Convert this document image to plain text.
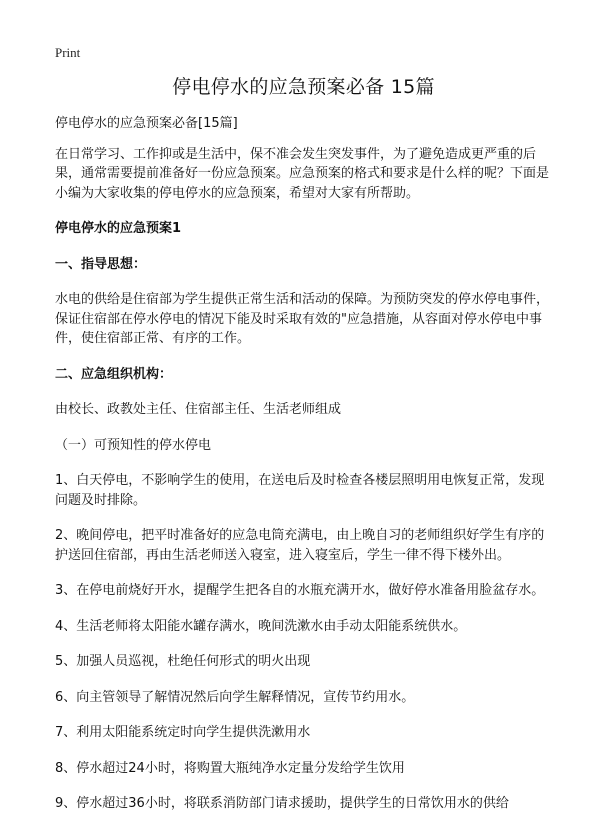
Print
停电停水的应急预案必备 15篇

停电停水的应急预案必备[15篇]

在日常学习、工作抑或是生活中，保不准会发生突发事件，为了避免造成更严重的后果，通常需要提前准备好一份应急预案。应急预案的格式和要求是什么样的呢？下面是小编为大家收集的停电停水的应急预案，希望对大家有所帮助。

停电停水的应急预案1

一、指导思想：

水电的供给是住宿部为学生提供正常生活和活动的保障。为预防突发的停水停电事件，保证住宿部在停水停电的情况下能及时采取有效的"应急措施，从容面对停水停电中事件，使住宿部正常、有序的工作。

二、应急组织机构：

由校长、政教处主任、住宿部主任、生活老师组成

（一）可预知性的停水停电

1、白天停电，不影响学生的使用，在送电后及时检查各楼层照明用电恢复正常，发现问题及时排除。

2、晚间停电，把平时准备好的应急电筒充满电，由上晚自习的老师组织好学生有序的护送回住宿部，再由生活老师送入寝室，进入寝室后，学生一律不得下楼外出。

3、在停电前烧好开水，提醒学生把各自的水瓶充满开水，做好停水准备用脸盆存水。

4、生活老师将太阳能水罐存满水，晚间洗漱水由手动太阳能系统供水。

5、加强人员巡视，杜绝任何形式的明火出现

6、向主管领导了解情况然后向学生解释情况，宣传节约用水。

7、利用太阳能系统定时向学生提供洗漱用水

8、停水超过24小时，将购置大瓶纯净水定量分发给学生饮用

9、停水超过36小时，将联系消防部门请求援助，提供学生的日常饮用水的供给
